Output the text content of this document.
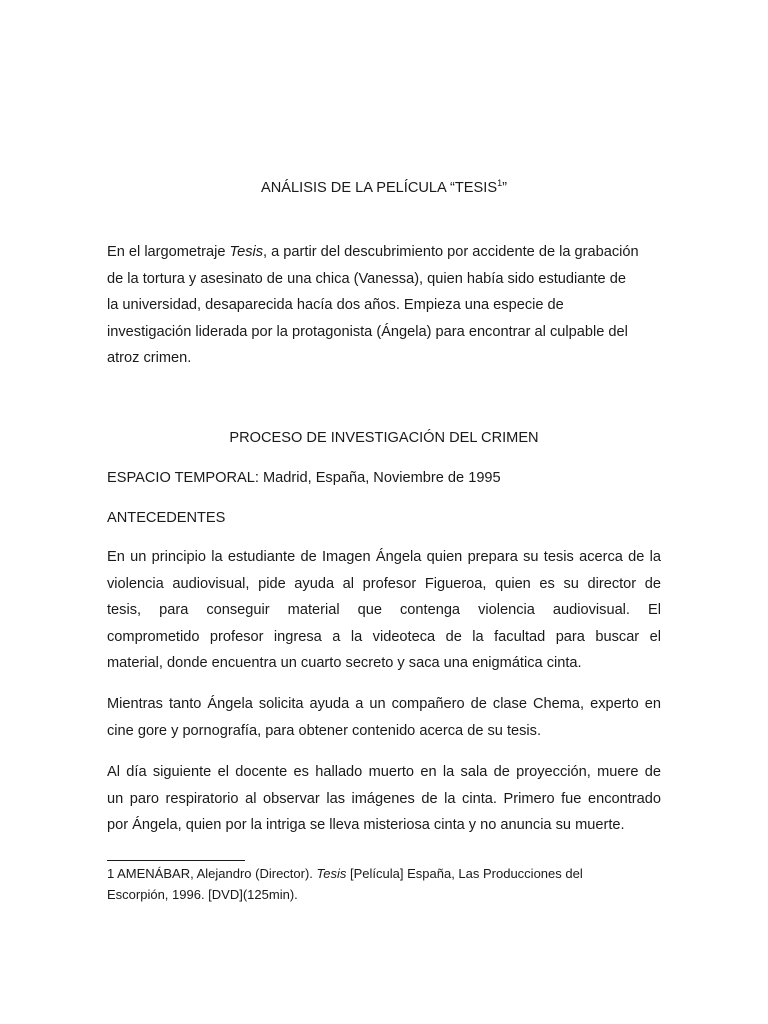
ANÁLISIS DE LA PELÍCULA “TESIS$^1$”
En el largometraje Tesis, a partir del descubrimiento por accidente de la grabación
de la tortura y asesinato de una chica (Vanessa), quien había sido estudiante de
la universidad, desaparecida hacía dos años. Empieza una especie de
investigación liderada por la protagonista (Ángela) para encontrar al culpable del
atroz crimen.
PROCESO DE INVESTIGACIÓN DEL CRIMEN
ESPACIO TEMPORAL: Madrid, España, Noviembre de 1995
ANTECEDENTES
En un principio la estudiante de Imagen Ángela quien prepara su tesis acerca de la
violencia audiovisual, pide ayuda al profesor Figueroa, quien es su director de
tesis, para conseguir material que contenga violencia audiovisual. El
comprometido profesor ingresa a la videoteca de la facultad para buscar el
material, donde encuentra un cuarto secreto y saca una enigmática cinta.
Mientras tanto Ángela solicita ayuda a un compañero de clase Chema, experto en
cine gore y pornografía, para obtener contenido acerca de su tesis.
Al día siguiente el docente es hallado muerto en la sala de proyección, muere de
un paro respiratorio al observar las imágenes de la cinta. Primero fue encontrado
por Ángela, quien por la intriga se lleva misteriosa cinta y no anuncia su muerte.
1 AMENÁBAR, Alejandro (Director). Tesis [Película] España, Las Producciones del
Escorpión, 1996. [DVD](125min).
